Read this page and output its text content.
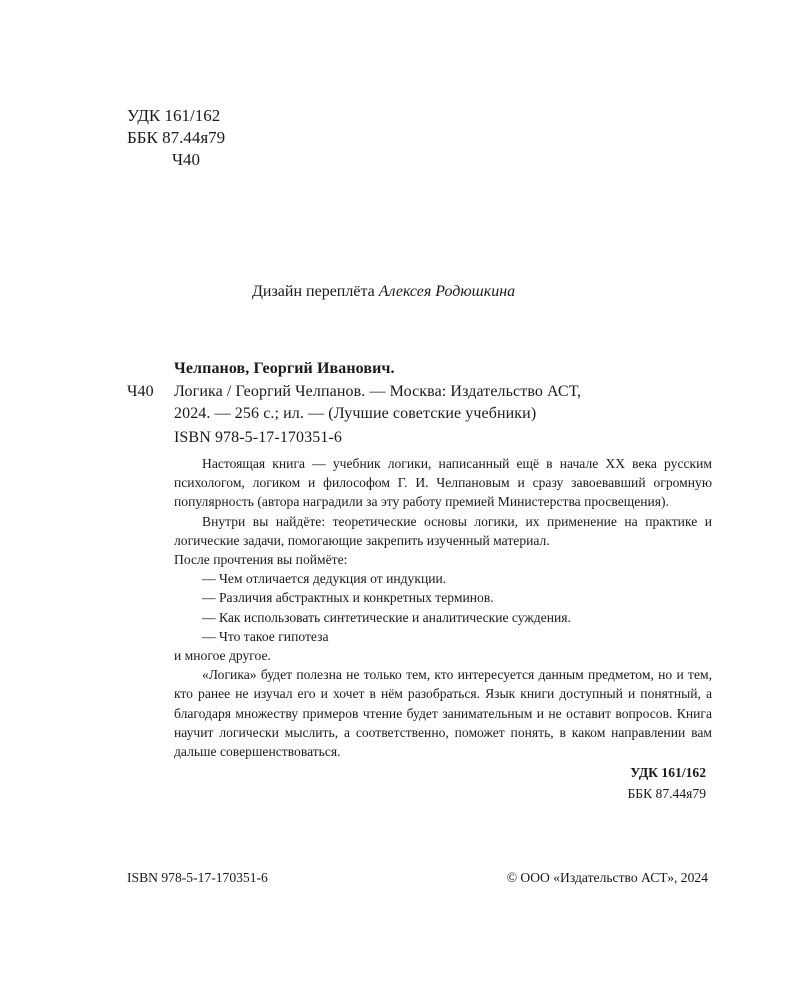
УДК 161/162
ББК 87.44я79
Ч40
Дизайн переплёта Алексея Родюшкина
Челпанов, Георгий Иванович.
Ч40 Логика / Георгий Челпанов. — Москва: Издательство АСТ,
2024. — 256 с.; ил. — (Лучшие советские учебники)
ISBN 978-5-17-170351-6

Настоящая книга — учебник логики, написанный ещё в начале XX века русским психологом, логиком и философом Г. И. Челпановым и сразу завоевавший огромную популярность (автора наградили за эту работу премией Министерства просвещения).

Внутри вы найдёте: теоретические основы логики, их применение на практике и логические задачи, помогающие закрепить изученный материал.

После прочтения вы поймёте:

— Чем отличается дедукция от индукции.

— Различия абстрактных и конкретных терминов.

— Как использовать синтетические и аналитические суждения.

— Что такое гипотеза

и многое другое.

«Логика» будет полезна не только тем, кто интересуется данным предметом, но и тем, кто ранее не изучал его и хочет в нём разобраться. Язык книги доступный и понятный, а благодаря множеству примеров чтение будет занимательным и не оставит вопросов. Книга научит логически мыслить, а соответственно, поможет понять, в каком направлении вам дальше совершенствоваться.

УДК 161/162

ББК 87.44я79

ISBN 978-5-17-170351-6	© ООО «Издательство АСТ», 2024
